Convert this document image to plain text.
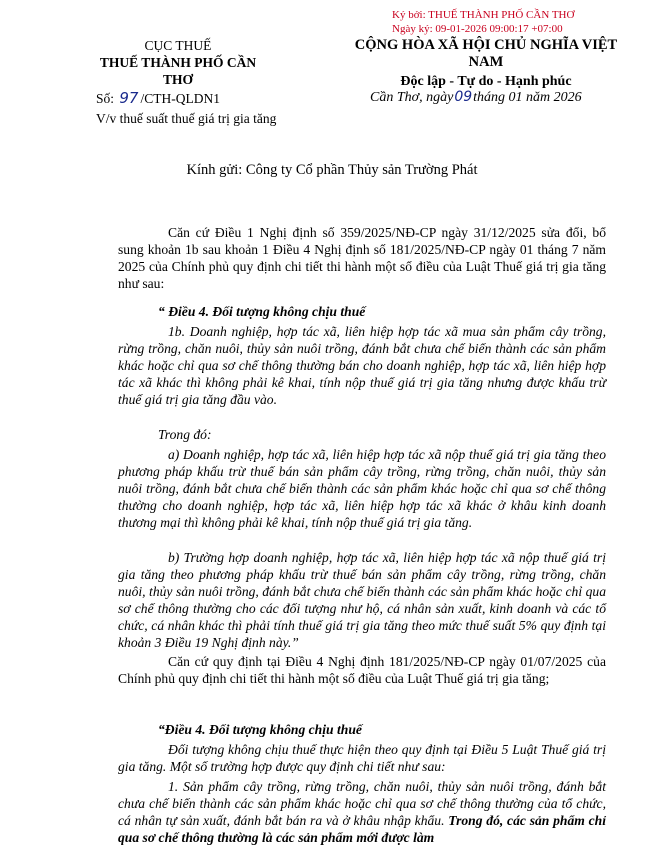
Ký bởi: THUẾ THÀNH PHỐ CẦN THƠ
Ngày ký: 09-01-2026 09:00:17 +07:00
CỤC THUẾ
THUẾ THÀNH PHỐ CẦN THƠ
CỘNG HÒA XÃ HỘI CHỦ NGHĨA VIỆT NAM
Độc lập - Tự do - Hạnh phúc
Số: 97 /CTH-QLDN1
V/v thuế suất thuế giá trị gia tăng
Cần Thơ, ngày09tháng 01 năm 2026
Kính gửi: Công ty Cổ phần Thủy sản Trường Phát

Căn cứ Điều 1 Nghị định số 359/2025/NĐ-CP ngày 31/12/2025 sửa đổi, bổ sung khoản 1b sau khoản 1 Điều 4 Nghị định số 181/2025/NĐ-CP ngày 01 tháng 7 năm 2025 của Chính phủ quy định chi tiết thi hành một số điều của Luật Thuế giá trị gia tăng như sau:

“ Điều 4. Đối tượng không chịu thuế

1b. Doanh nghiệp, hợp tác xã, liên hiệp hợp tác xã mua sản phẩm cây trồng, rừng trồng, chăn nuôi, thủy sản nuôi trồng, đánh bắt chưa chế biến thành các sản phẩm khác hoặc chỉ qua sơ chế thông thường bán cho doanh nghiệp, hợp tác xã, liên hiệp hợp tác xã khác thì không phải kê khai, tính nộp thuế giá trị gia tăng nhưng được khấu trừ thuế giá trị gia tăng đầu vào.

Trong đó:

a) Doanh nghiệp, hợp tác xã, liên hiệp hợp tác xã nộp thuế giá trị gia tăng theo phương pháp khấu trừ thuế bán sản phẩm cây trồng, rừng trồng, chăn nuôi, thủy sản nuôi trồng, đánh bắt chưa chế biến thành các sản phẩm khác hoặc chỉ qua sơ chế thông thường cho doanh nghiệp, hợp tác xã, liên hiệp hợp tác xã khác ở khâu kinh doanh thương mại thì không phải kê khai, tính nộp thuế giá trị gia tăng.

b) Trường hợp doanh nghiệp, hợp tác xã, liên hiệp hợp tác xã nộp thuế giá trị gia tăng theo phương pháp khấu trừ thuế bán sản phẩm cây trồng, rừng trồng, chăn nuôi, thủy sản nuôi trồng, đánh bắt chưa chế biến thành các sản phẩm khác hoặc chỉ qua sơ chế thông thường cho các đối tượng như hộ, cá nhân sản xuất, kinh doanh và các tổ chức, cá nhân khác thì phải tính thuế giá trị gia tăng theo mức thuế suất 5% quy định tại khoản 3 Điều 19 Nghị định này.”

Căn cứ quy định tại Điều 4 Nghị định 181/2025/NĐ-CP ngày 01/07/2025 của Chính phủ quy định chi tiết thi hành một số điều của Luật Thuế giá trị gia tăng;

“Điều 4. Đối tượng không chịu thuế

Đối tượng không chịu thuế thực hiện theo quy định tại Điều 5 Luật Thuế giá trị gia tăng. Một số trường hợp được quy định chi tiết như sau:

1. Sản phẩm cây trồng, rừng trồng, chăn nuôi, thủy sản nuôi trồng, đánh bắt chưa chế biến thành các sản phẩm khác hoặc chỉ qua sơ chế thông thường của tổ chức, cá nhân tự sản xuất, đánh bắt bán ra và ở khâu nhập khẩu. Trong đó, các sản phẩm chỉ qua sơ chế thông thường là các sản phẩm mới được làm
